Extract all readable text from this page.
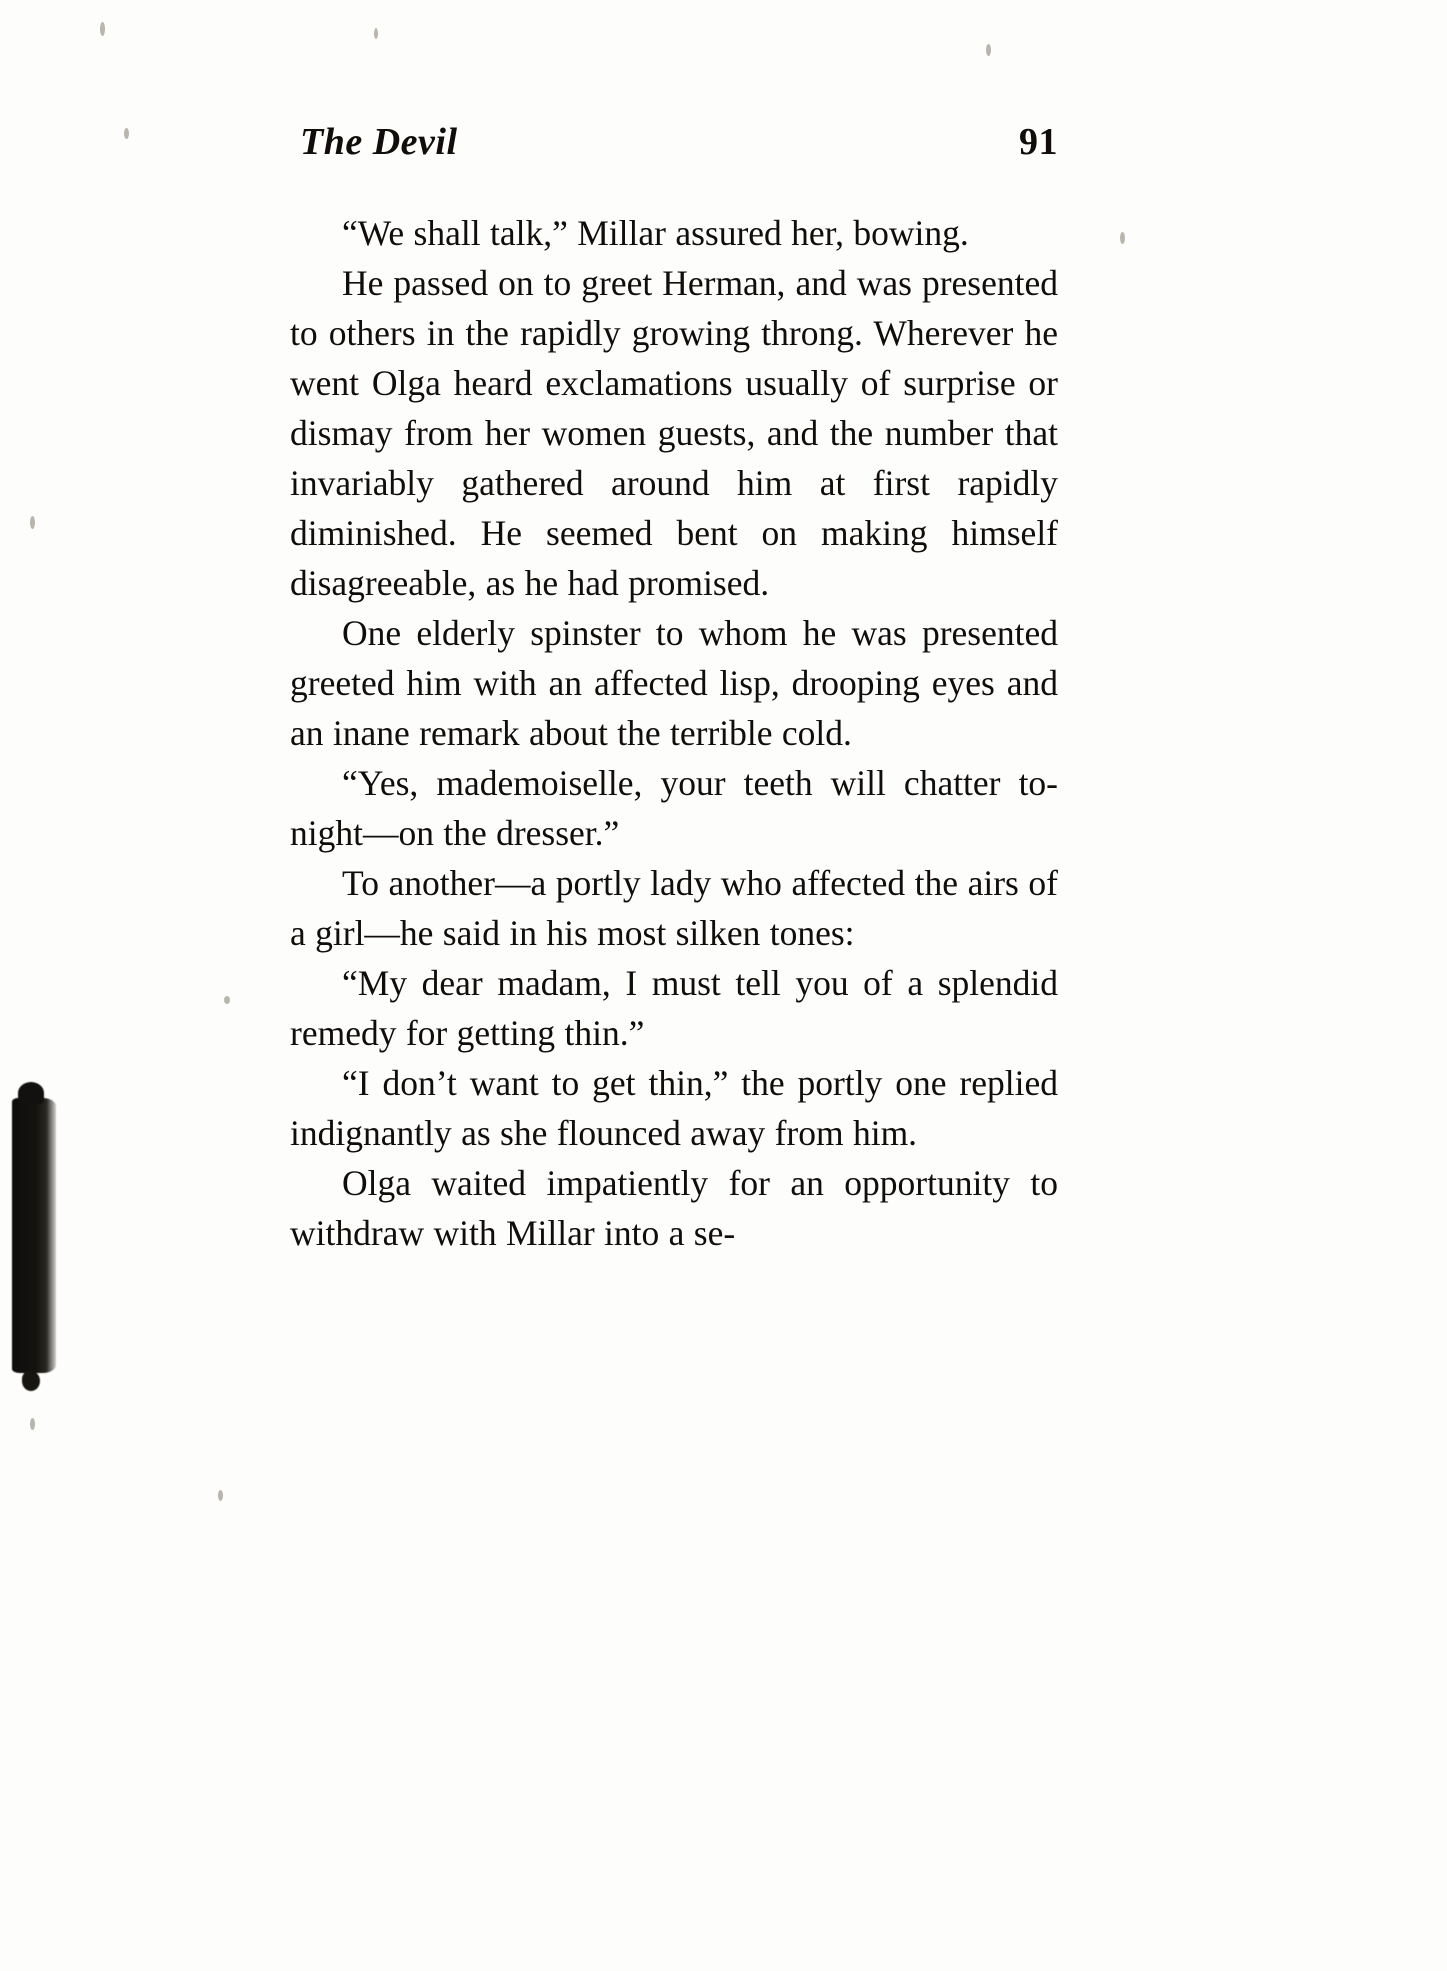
The Devil	91

“We shall talk,” Millar assured her, bowing.

He passed on to greet Herman, and was presented to others in the rapidly growing throng. Wherever he went Olga heard exclamations usually of surprise or dismay from her women guests, and the number that invariably gathered around him at first rapidly diminished. He seemed bent on making himself disagreeable, as he had promised.

One elderly spinster to whom he was presented greeted him with an affected lisp, drooping eyes and an inane remark about the terrible cold.

“Yes, mademoiselle, your teeth will chatter to-night—on the dresser.”

To another—a portly lady who affected the airs of a girl—he said in his most silken tones:

“My dear madam, I must tell you of a splendid remedy for getting thin.”

“I don’t want to get thin,” the portly one replied indignantly as she flounced away from him.

Olga waited impatiently for an opportunity to withdraw with Millar into a se-
